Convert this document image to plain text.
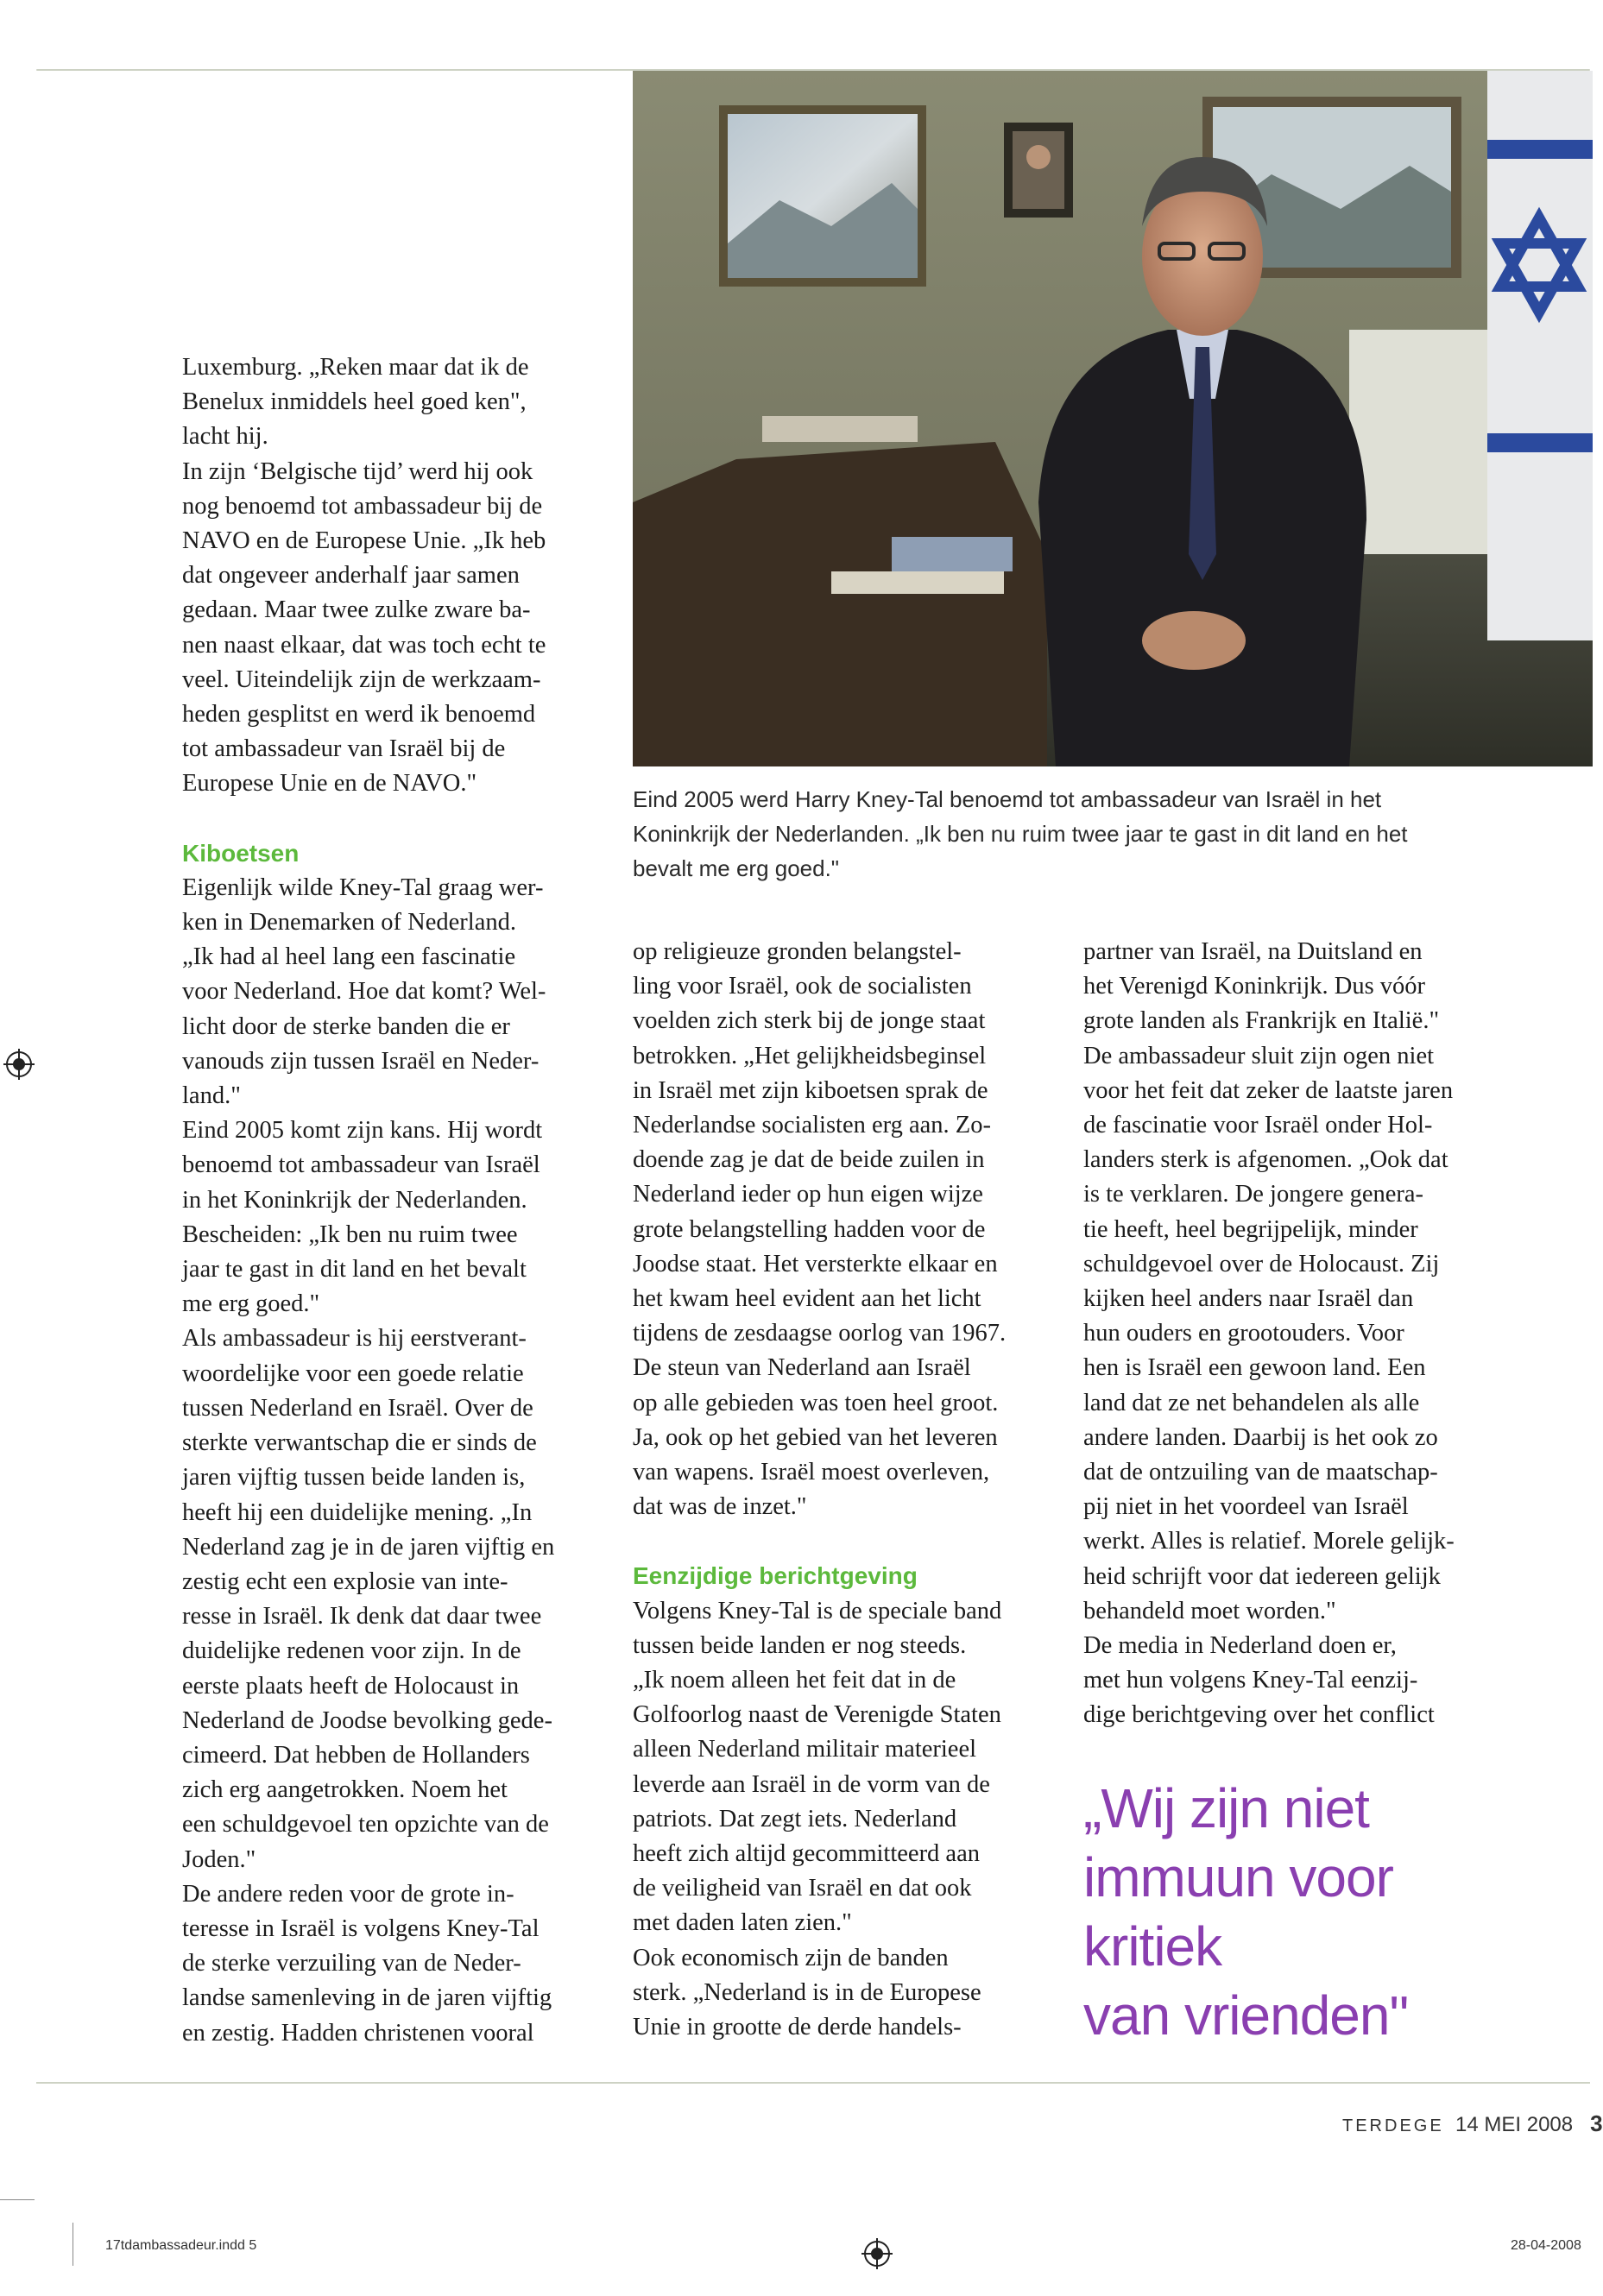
Luxemburg. „Reken maar dat ik de
Benelux inmiddels heel goed ken",
lacht hij.
In zijn ‘Belgische tijd’ werd hij ook
nog benoemd tot ambassadeur bij de
NAVO en de Europese Unie. „Ik heb
dat ongeveer anderhalf jaar samen
gedaan. Maar twee zulke zware ba-
nen naast elkaar, dat was toch echt te
veel. Uiteindelijk zijn de werkzaam-
heden gesplitst en werd ik benoemd
tot ambassadeur van Israël bij de
Europese Unie en de NAVO."

Kiboetsen

Eigenlijk wilde Kney-Tal graag wer-
ken in Denemarken of Nederland.
„Ik had al heel lang een fascinatie
voor Nederland. Hoe dat komt? Wel-
licht door de sterke banden die er
vanouds zijn tussen Israël en Neder-
land."
Eind 2005 komt zijn kans. Hij wordt
benoemd tot ambassadeur van Israël
in het Koninkrijk der Nederlanden.
Bescheiden: „Ik ben nu ruim twee
jaar te gast in dit land en het bevalt
me erg goed."
Als ambassadeur is hij eerstverant-
woordelijke voor een goede relatie
tussen Nederland en Israël. Over de
sterkte verwantschap die er sinds de
jaren vijftig tussen beide landen is,
heeft hij een duidelijke mening. „In
Nederland zag je in de jaren vijftig en
zestig echt een explosie van inte-
resse in Israël. Ik denk dat daar twee
duidelijke redenen voor zijn. In de
eerste plaats heeft de Holocaust in
Nederland de Joodse bevolking gede-
cimeerd. Dat hebben de Hollanders
zich erg aangetrokken. Noem het
een schuldgevoel ten opzichte van de
Joden."
De andere reden voor de grote in-
teresse in Israël is volgens Kney-Tal
de sterke verzuiling van de Neder-
landse samenleving in de jaren vijftig
en zestig. Hadden christenen vooral

Eind 2005 werd Harry Kney-Tal benoemd tot ambassadeur van Israël in het
Koninkrijk der Nederlanden. „Ik ben nu ruim twee jaar te gast in dit land en het
bevalt me erg goed."

op religieuze gronden belangstel-
ling voor Israël, ook de socialisten
voelden zich sterk bij de jonge staat
betrokken. „Het gelijkheidsbeginsel
in Israël met zijn kiboetsen sprak de
Nederlandse socialisten erg aan. Zo-
doende zag je dat de beide zuilen in
Nederland ieder op hun eigen wijze
grote belangstelling hadden voor de
Joodse staat. Het versterkte elkaar en
het kwam heel evident aan het licht
tijdens de zesdaagse oorlog van 1967.
De steun van Nederland aan Israël
op alle gebieden was toen heel groot.
Ja, ook op het gebied van het leveren
van wapens. Israël moest overleven,
dat was de inzet."

Eenzijdige berichtgeving

Volgens Kney-Tal is de speciale band
tussen beide landen er nog steeds.
„Ik noem alleen het feit dat in de
Golfoorlog naast de Verenigde Staten
alleen Nederland militair materieel
leverde aan Israël in de vorm van de
patriots. Dat zegt iets. Nederland
heeft zich altijd gecommitteerd aan
de veiligheid van Israël en dat ook
met daden laten zien."
Ook economisch zijn de banden
sterk. „Nederland is in de Europese
Unie in grootte de derde handels-

partner van Israël, na Duitsland en
het Verenigd Koninkrijk. Dus vóór
grote landen als Frankrijk en Italië."
De ambassadeur sluit zijn ogen niet
voor het feit dat zeker de laatste jaren
de fascinatie voor Israël onder Hol-
landers sterk is afgenomen. „Ook dat
is te verklaren. De jongere genera-
tie heeft, heel begrijpelijk, minder
schuldgevoel over de Holocaust. Zij
kijken heel anders naar Israël dan
hun ouders en grootouders. Voor
hen is Israël een gewoon land. Een
land dat ze net behandelen als alle
andere landen. Daarbij is het ook zo
dat de ontzuiling van de maatschap-
pij niet in het voordeel van Israël
werkt. Alles is relatief. Morele gelijk-
heid schrijft voor dat iedereen gelijk
behandeld moet worden."
De media in Nederland doen er,
met hun volgens Kney-Tal eenzij-
dige berichtgeving over het conflict

„Wij zijn niet
immuun voor
kritiek
van vrienden"
TERDEGE 14 MEI 2008 3
17tdambassadeur.indd 5	28-04-2008
